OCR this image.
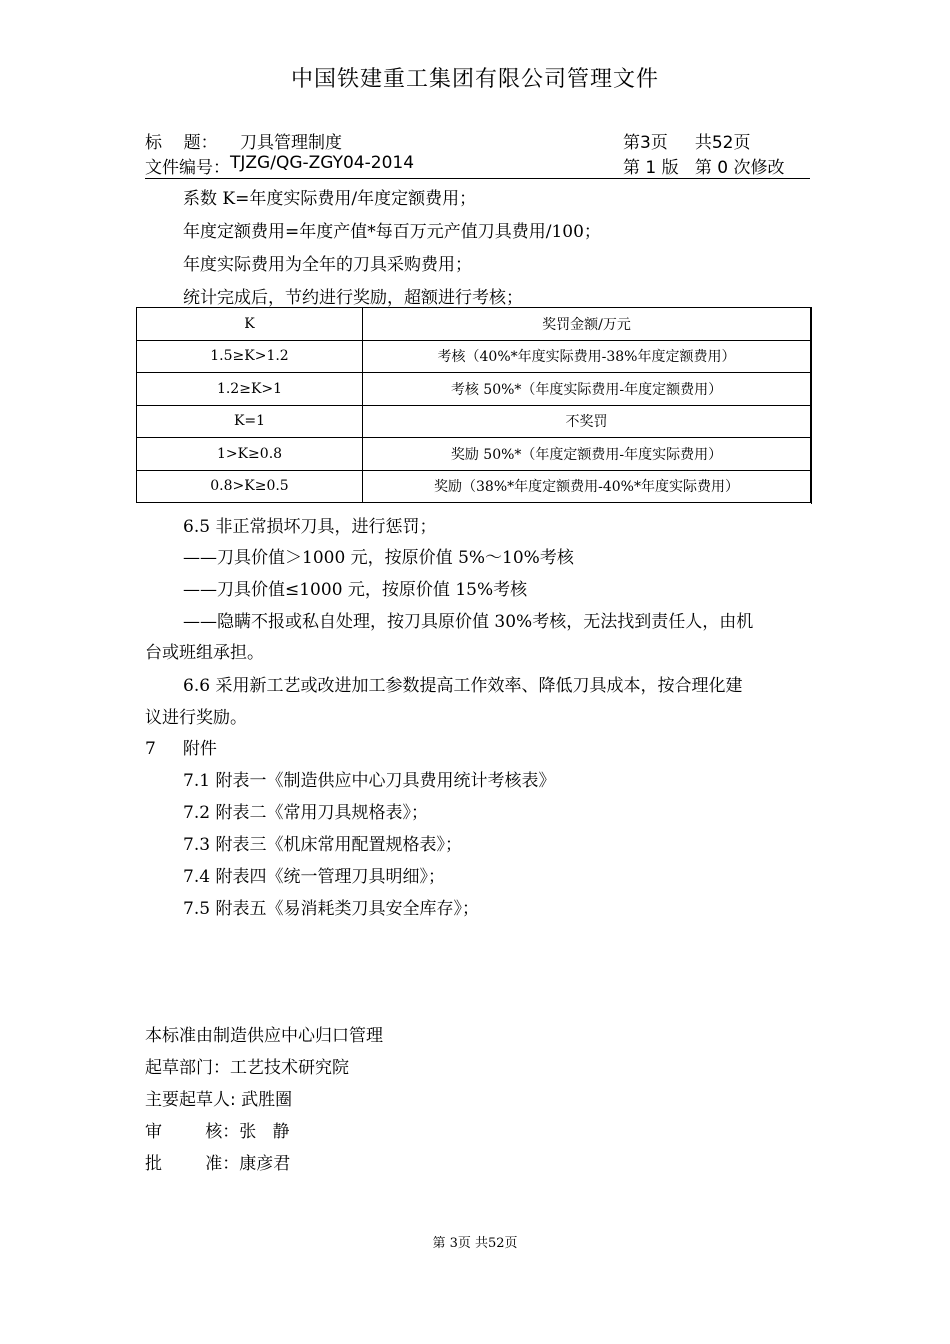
中国铁建重工集团有限公司管理文件
标    题： 刀具管理制度	第3页     共52页
文件编号： TJZG/QG-ZGY04-2014	第 1 版   第 0 次修改
系数 K=年度实际费用/年度定额费用；
年度定额费用=年度产值*每百万元产值刀具费用/100；
年度实际费用为全年的刀具采购费用；
统计完成后，节约进行奖励，超额进行考核；
K	奖罚金额/万元
1.5≥K>1.2	考核（40%*年度实际费用-38%年度定额费用）
1.2≥K>1	考核 50%*（年度实际费用-年度定额费用）
K=1	不奖罚
1>K≥0.8	奖励 50%*（年度定额费用-年度实际费用）
0.8>K≥0.5	奖励（38%*年度定额费用-40%*年度实际费用）
6.5 非正常损坏刀具，进行惩罚；
——刀具价值＞1000 元，按原价值 5%～10%考核
——刀具价值≤1000 元，按原价值 15%考核
——隐瞒不报或私自处理，按刀具原价值 30%考核，无法找到责任人，由机
台或班组承担。
6.6 采用新工艺或改进加工参数提高工作效率、降低刀具成本，按合理化建
议进行奖励。
7     附件
7.1 附表一《制造供应中心刀具费用统计考核表》
7.2 附表二《常用刀具规格表》；
7.3 附表三《机床常用配置规格表》；
7.4 附表四《统一管理刀具明细》；
7.5 附表五《易消耗类刀具安全库存》；
本标准由制造供应中心归口管理
起草部门：工艺技术研究院
主要起草人: 武胜圈
审        核：张   静
批        准：康彦君
第 3页 共52页
